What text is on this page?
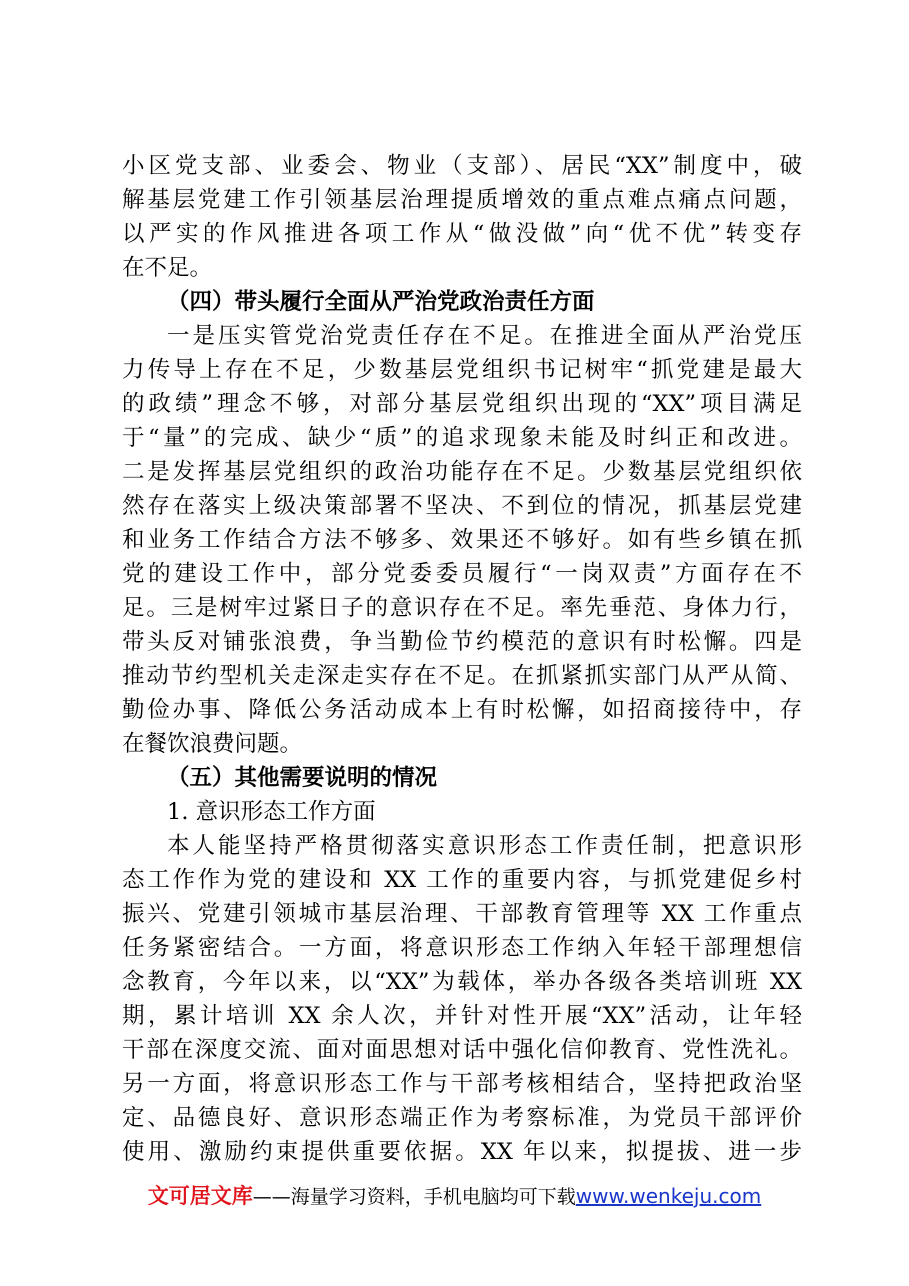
小区党支部、业委会、物业（支部）、居民“XX”制度中，破
解基层党建工作引领基层治理提质增效的重点难点痛点问题，
以严实的作风推进各项工作从“做没做”向“优不优”转变存
在不足。
（四）带头履行全面从严治党政治责任方面
一是压实管党治党责任存在不足。在推进全面从严治党压
力传导上存在不足，少数基层党组织书记树牢“抓党建是最大
的政绩”理念不够，对部分基层党组织出现的“XX”项目满足
于“量”的完成、缺少“质”的追求现象未能及时纠正和改进。
二是发挥基层党组织的政治功能存在不足。少数基层党组织依
然存在落实上级决策部署不坚决、不到位的情况，抓基层党建
和业务工作结合方法不够多、效果还不够好。如有些乡镇在抓
党的建设工作中，部分党委委员履行“一岗双责”方面存在不
足。三是树牢过紧日子的意识存在不足。率先垂范、身体力行，
带头反对铺张浪费，争当勤俭节约模范的意识有时松懈。四是
推动节约型机关走深走实存在不足。在抓紧抓实部门从严从简、
勤俭办事、降低公务活动成本上有时松懈，如招商接待中，存
在餐饮浪费问题。
（五）其他需要说明的情况
1. 意识形态工作方面
本人能坚持严格贯彻落实意识形态工作责任制，把意识形
态工作作为党的建设和 XX 工作的重要内容，与抓党建促乡村
振兴、党建引领城市基层治理、干部教育管理等 XX 工作重点
任务紧密结合。一方面，将意识形态工作纳入年轻干部理想信
念教育，今年以来，以“XX”为载体，举办各级各类培训班 XX
期，累计培训 XX 余人次，并针对性开展“XX”活动，让年轻
干部在深度交流、面对面思想对话中强化信仰教育、党性洗礼。
另一方面，将意识形态工作与干部考核相结合，坚持把政治坚
定、品德良好、意识形态端正作为考察标准，为党员干部评价
使用、激励约束提供重要依据。XX 年以来，拟提拔、进一步
文可居文库——海量学习资料，手机电脑均可下载www.wenkeju.com
